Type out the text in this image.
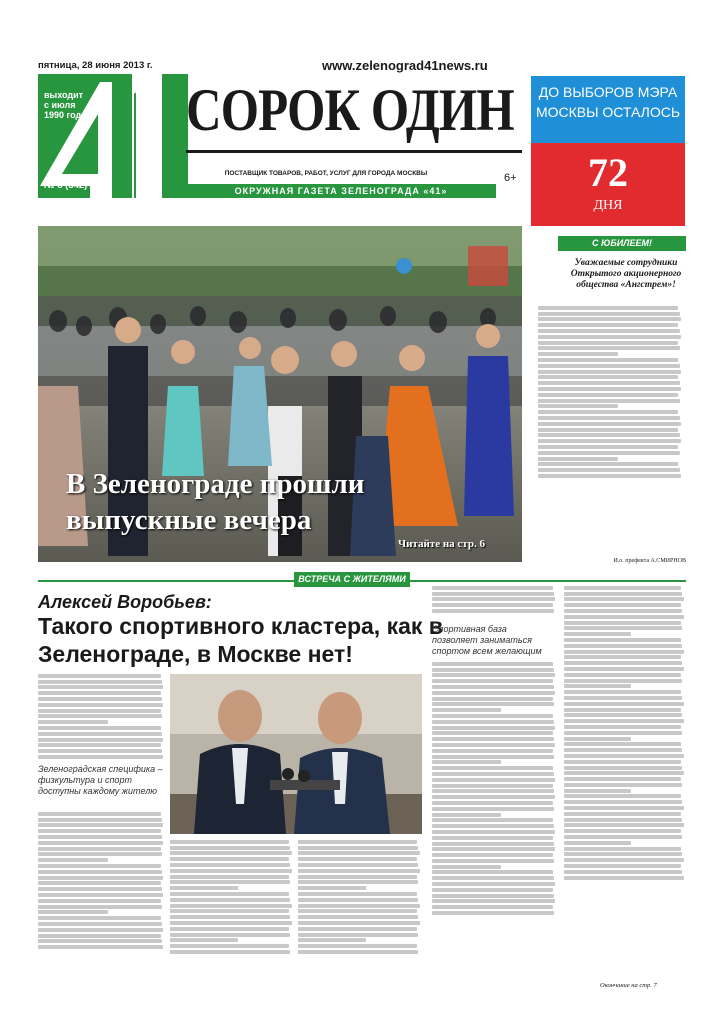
пятница, 28 июня 2013 г.	www.zelenograd41news.ru
выходит с июля 1990 года
№ 5 (342)
СОРОК ОДИН
ПОСТАВЩИК ТОВАРОВ, РАБОТ, УСЛУГ ДЛЯ ГОРОДА МОСКВЫ
ОКРУЖНАЯ ГАЗЕТА ЗЕЛЕНОГРАДА «41»
6+
ДО ВЫБОРОВ МЭРА МОСКВЫ ОСТАЛОСЬ
72
ДНЯ
В Зеленограде прошли выпускные вечера
Читайте на стр. 6
С ЮБИЛЕЕМ!
Уважаемые сотрудники Открытого акционерного общества «Ангстрем»!
И.о. префекта А.СМИРНОВ
ВСТРЕЧА С ЖИТЕЛЯМИ
Алексей Воробьев:
Такого спортивного кластера, как в Зеленограде, в Москве нет!
Зеленоградская специфика – физкультура и спорт доступны каждому жителю
Спортивная база позволяет заниматься спортом всем желающим
Окончание на стр. 7
